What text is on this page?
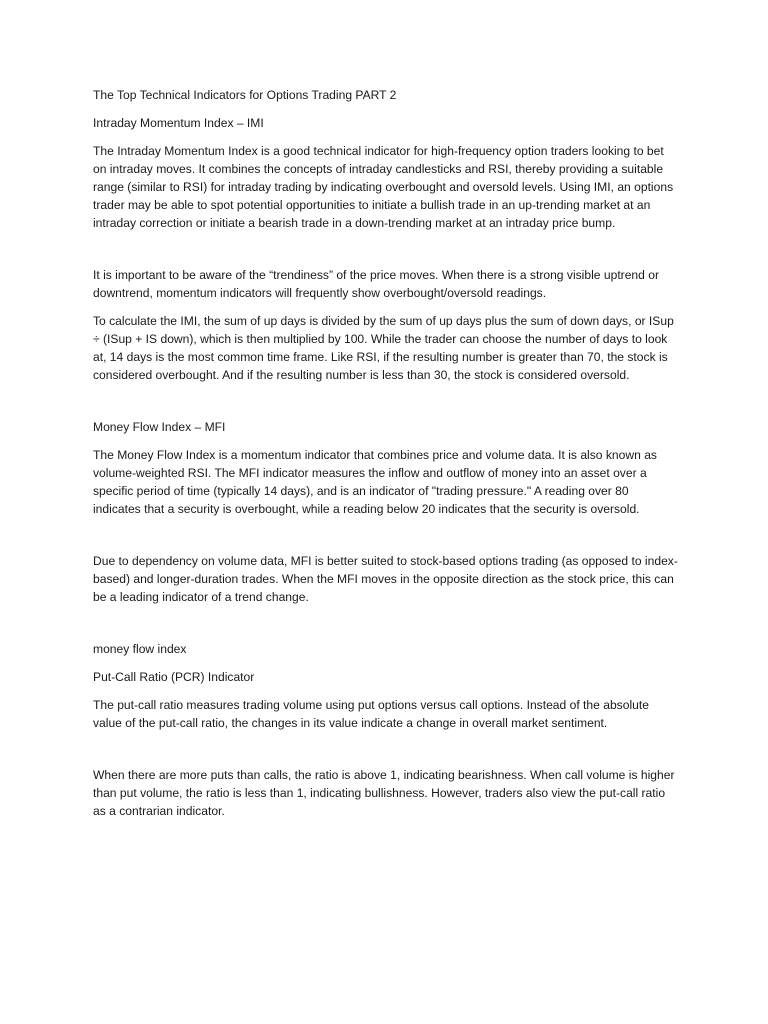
The Top Technical Indicators for Options Trading PART 2

Intraday Momentum Index – IMI

The Intraday Momentum Index is a good technical indicator for high-frequency option traders looking to bet on intraday moves. It combines the concepts of intraday candlesticks and RSI, thereby providing a suitable range (similar to RSI) for intraday trading by indicating overbought and oversold levels. Using IMI, an options trader may be able to spot potential opportunities to initiate a bullish trade in an up-trending market at an intraday correction or initiate a bearish trade in a down-trending market at an intraday price bump.

It is important to be aware of the “trendiness” of the price moves. When there is a strong visible uptrend or downtrend, momentum indicators will frequently show overbought/oversold readings.

To calculate the IMI, the sum of up days is divided by the sum of up days plus the sum of down days, or ISup ÷ (ISup + IS down), which is then multiplied by 100. While the trader can choose the number of days to look at, 14 days is the most common time frame. Like RSI, if the resulting number is greater than 70, the stock is considered overbought. And if the resulting number is less than 30, the stock is considered oversold.

Money Flow Index – MFI

The Money Flow Index is a momentum indicator that combines price and volume data. It is also known as volume-weighted RSI. The MFI indicator measures the inflow and outflow of money into an asset over a specific period of time (typically 14 days), and is an indicator of "trading pressure." A reading over 80 indicates that a security is overbought, while a reading below 20 indicates that the security is oversold.

Due to dependency on volume data, MFI is better suited to stock-based options trading (as opposed to index-based) and longer-duration trades. When the MFI moves in the opposite direction as the stock price, this can be a leading indicator of a trend change.

money flow index

Put-Call Ratio (PCR) Indicator

The put-call ratio measures trading volume using put options versus call options. Instead of the absolute value of the put-call ratio, the changes in its value indicate a change in overall market sentiment.

When there are more puts than calls, the ratio is above 1, indicating bearishness. When call volume is higher than put volume, the ratio is less than 1, indicating bullishness. However, traders also view the put-call ratio as a contrarian indicator.
